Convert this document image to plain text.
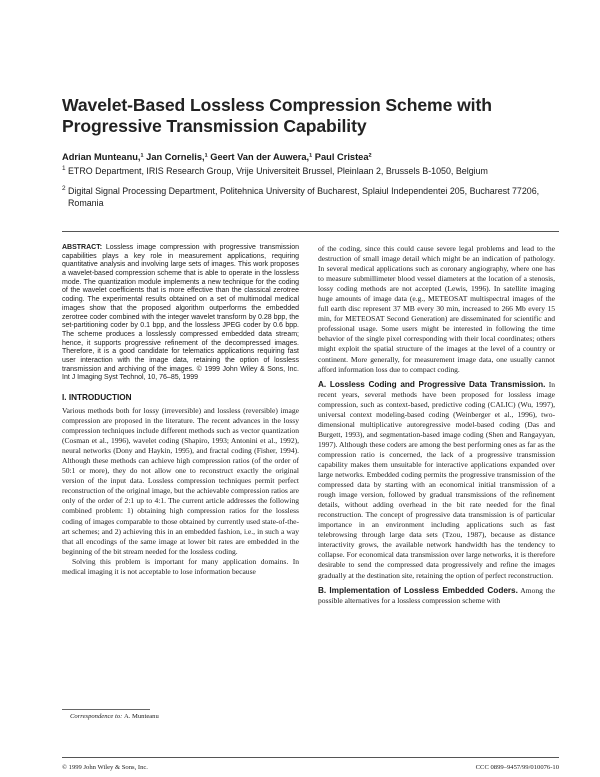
Wavelet-Based Lossless Compression Scheme with Progressive Transmission Capability
Adrian Munteanu,¹ Jan Cornelis,¹ Geert Van der Auwera,¹ Paul Cristea²
1 ETRO Department, IRIS Research Group, Vrije Universiteit Brussel, Pleinlaan 2, Brussels B-1050, Belgium
2 Digital Signal Processing Department, Politehnica University of Bucharest, Splaiul Independentei 205, Bucharest 77206, Romania

ABSTRACT: Lossless image compression with progressive transmission capabilities plays a key role in measurement applications, requiring quantitative analysis and involving large sets of images. This work proposes a wavelet-based compression scheme that is able to operate in the lossless mode. The quantization module implements a new technique for the coding of the wavelet coefficients that is more effective than the classical zerotree coding. The experimental results obtained on a set of multimodal medical images show that the proposed algorithm outperforms the embedded zerotree coder combined with the integer wavelet transform by 0.28 bpp, the set-partitioning coder by 0.1 bpp, and the lossless JPEG coder by 0.6 bpp. The scheme produces a losslessly compressed embedded data stream; hence, it supports progressive refinement of the decompressed images. Therefore, it is a good candidate for telematics applications requiring fast user interaction with the image data, retaining the option of lossless transmission and archiving of the images. © 1999 John Wiley & Sons, Inc. Int J Imaging Syst Technol, 10, 76–85, 1999

I. INTRODUCTION

Various methods both for lossy (irreversible) and lossless (reversible) image compression are proposed in the literature. The recent advances in the lossy compression techniques include different methods such as vector quantization (Cosman et al., 1996), wavelet coding (Shapiro, 1993; Antonini et al., 1992), neural networks (Dony and Haykin, 1995), and fractal coding (Fisher, 1994). Although these methods can achieve high compression ratios (of the order of 50:1 or more), they do not allow one to reconstruct exactly the original version of the input data. Lossless compression techniques permit perfect reconstruction of the original image, but the achievable compression ratios are only of the order of 2:1 up to 4:1. The current article addresses the following combined problem: 1) obtaining high compression ratios for the lossless coding of images comparable to those obtained by currently used state-of-the-art schemes; and 2) achieving this in an embedded fashion, i.e., in such a way that all encodings of the same image at lower bit rates are embedded in the beginning of the bit stream needed for the lossless coding.

Solving this problem is important for many application domains. In medical imaging it is not acceptable to lose information because

of the coding, since this could cause severe legal problems and lead to the destruction of small image detail which might be an indication of pathology. In several medical applications such as coronary angiography, where one has to measure submillimeter blood vessel diameters at the location of a stenosis, lossy coding methods are not accepted (Lewis, 1996). In satellite imaging huge amounts of image data (e.g., METEOSAT multispectral images of the full earth disc represent 37 MB every 30 min, increased to 266 Mb every 15 min, for METEOSAT Second Generation) are disseminated for scientific and professional usage. Some users might be interested in following the time behavior of the single pixel corresponding with their local coordinates; others might exploit the spatial structure of the images at the level of a country or continent. More generally, for measurement image data, one usually cannot afford information loss due to compact coding.

A. Lossless Coding and Progressive Data Transmission. In recent years, several methods have been proposed for lossless image compression, such as context-based, predictive coding (CALIC) (Wu, 1997), universal context modeling-based coding (Weinberger et al., 1996), two-dimensional multiplicative autoregressive model-based coding (Das and Burgett, 1993), and segmentation-based image coding (Shen and Rangayyan, 1997). Although these coders are among the best performing ones as far as the compression ratio is concerned, the lack of a progressive transmission capability makes them unsuitable for interactive applications expanded over large networks. Embedded coding permits the progressive transmission of the compressed data by starting with an economical initial transmission of a rough image version, followed by gradual transmissions of the refinement details, without adding overhead in the bit rate needed for the final reconstruction. The concept of progressive data transmission is of particular importance in an environment including applications such as fast telebrowsing through large data sets (Tzou, 1987), because as distance interactivity grows, the available network handwidth has the tendency to collapse. For economical data transmission over large networks, it is therefore desirable to send the compressed data progressively and refine the images gradually at the destination site, retaining the option of perfect reconstruction.

B. Implementation of Lossless Embedded Coders. Among the possible alternatives for a lossless compression scheme with

Correspondence to: A. Munteanu
© 1999 John Wiley & Sons, Inc.	CCC 0899–9457/99/010076-10
